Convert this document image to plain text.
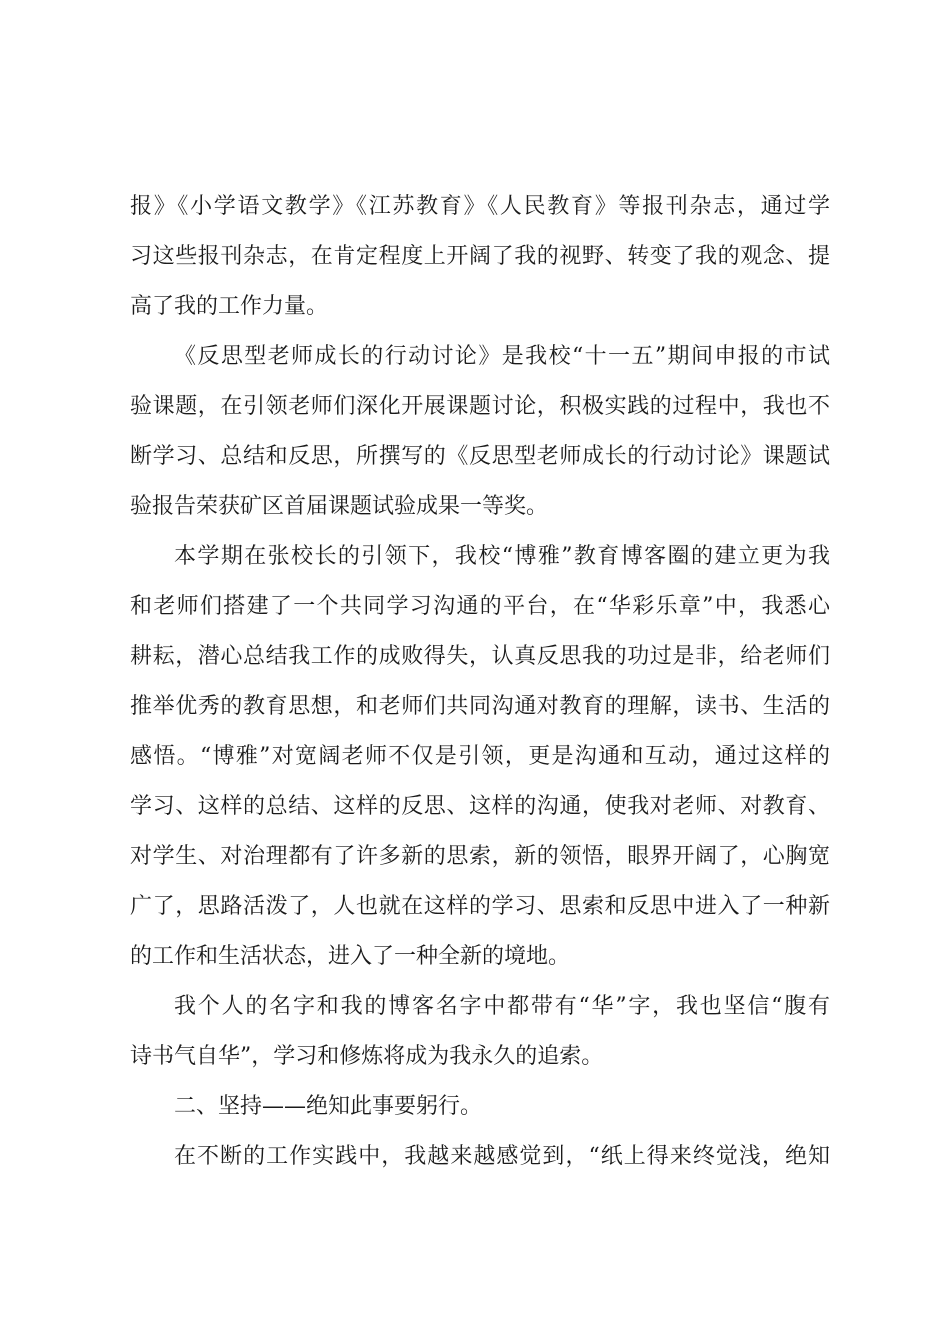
报》《小学语文教学》《江苏教育》《人民教育》等报刊杂志，通过学
习这些报刊杂志，在肯定程度上开阔了我的视野、转变了我的观念、提
高了我的工作力量。
《反思型老师成长的行动讨论》是我校“十一五”期间申报的市试
验课题，在引领老师们深化开展课题讨论，积极实践的过程中，我也不
断学习、总结和反思，所撰写的《反思型老师成长的行动讨论》课题试
验报告荣获矿区首届课题试验成果一等奖。
本学期在张校长的引领下，我校“博雅”教育博客圈的建立更为我
和老师们搭建了一个共同学习沟通的平台，在“华彩乐章”中，我悉心
耕耘，潜心总结我工作的成败得失，认真反思我的功过是非，给老师们
推举优秀的教育思想，和老师们共同沟通对教育的理解，读书、生活的
感悟。“博雅”对宽阔老师不仅是引领，更是沟通和互动，通过这样的
学习、这样的总结、这样的反思、这样的沟通，使我对老师、对教育、
对学生、对治理都有了许多新的思索，新的领悟，眼界开阔了，心胸宽
广了，思路活泼了，人也就在这样的学习、思索和反思中进入了一种新
的工作和生活状态，进入了一种全新的境地。
我个人的名字和我的博客名字中都带有“华”字，我也坚信“腹有
诗书气自华”，学习和修炼将成为我永久的追索。
二、坚持——绝知此事要躬行。
在不断的工作实践中，我越来越感觉到，“纸上得来终觉浅，绝知
